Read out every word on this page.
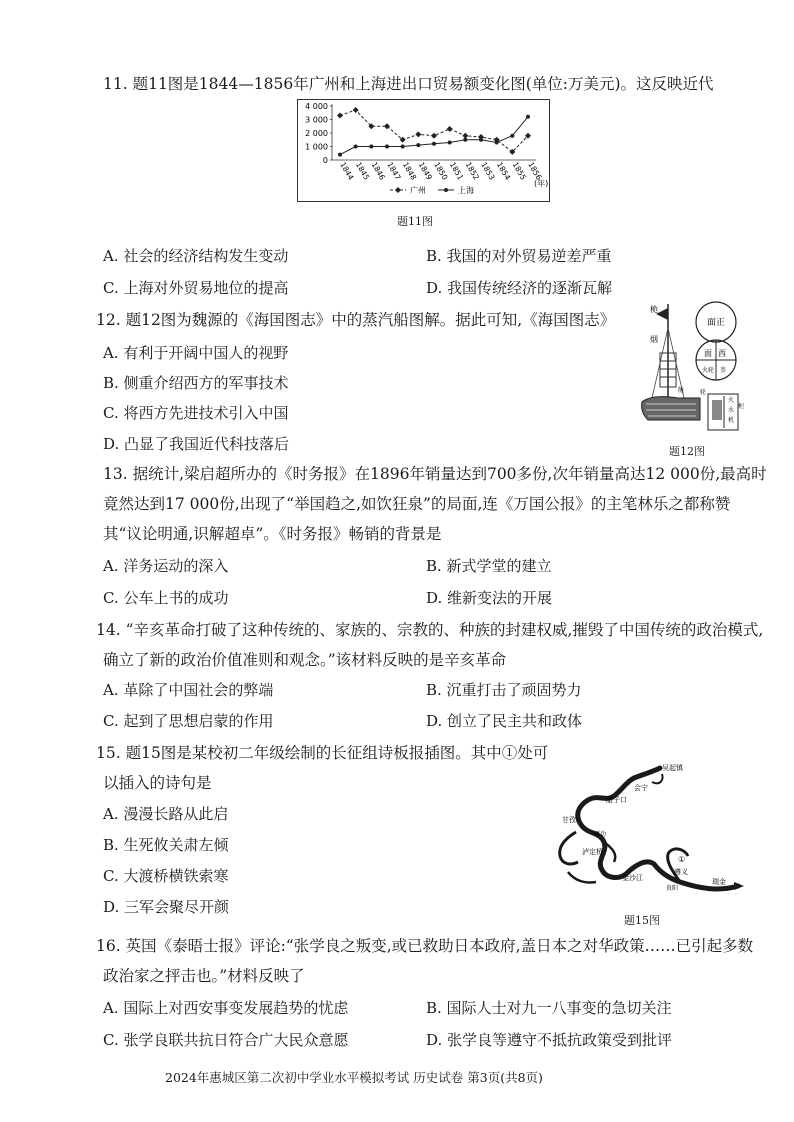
11. 题11图是1844—1856年广州和上海进出口贸易额变化图(单位:万美元)。这反映近代
0
1 000
2 000
3 000
4 000
1844
1845
1846
1847
1848
1849
1850
1851
1852
1853
1854
1855
1856
(年)
广州	上海
题11图
A. 社会的经济结构发生变动	B. 我国的对外贸易逆差严重
C. 上海对外贸易地位的提高	D. 我国传统经济的逐渐瓦解
12. 题12图为魏源的《海国图志》中的蒸汽船图解。据此可知,《海国图志》
A. 有利于开阔中国人的视野
B. 侧重介绍西方的军事技术
C. 将西方先进技术引入中国
D. 凸显了我国近代科技落后
桅
烟
面正
面 西
火轮 釜
舱	轮
火
水
机
柜
题12图
13. 据统计,梁启超所办的《时务报》在1896年销量达到700多份,次年销量高达12 000份,最高时
竟然达到17 000份,出现了“举国趋之,如饮狂泉”的局面,连《万国公报》的主笔林乐之都称赞
其“议论明通,识解超卓”。《时务报》畅销的背景是
A. 洋务运动的深入	B. 新式学堂的建立
C. 公车上书的成功	D. 维新变法的开展
14. “辛亥革命打破了这种传统的、家族的、宗教的、种族的封建权威,摧毁了中国传统的政治模式,
确立了新的政治价值准则和观念。”该材料反映的是辛亥革命
A. 革除了中国社会的弊端	B. 沉重打击了顽固势力
C. 起到了思想启蒙的作用	D. 创立了民主共和政体
15. 题15图是某校初二年级绘制的长征组诗板报插图。其中①处可
以插入的诗句是
A. 漫漫长路从此启
B. 生死攸关肃左倾
C. 大渡桥横铁索寒
D. 三军会聚尽开颜
吴起镇
会宁
腊子口
甘孜
懋功
泸定桥
金沙江
遵义
瑞金
贵阳
①
题15图
16. 英国《泰晤士报》评论:“张学良之叛变,或已救助日本政府,盖日本之对华政策……已引起多数
政治家之抨击也。”材料反映了
A. 国际上对西安事变发展趋势的忧虑	B. 国际人士对九一八事变的急切关注
C. 张学良联共抗日符合广大民众意愿	D. 张学良等遵守不抵抗政策受到批评
2024年惠城区第二次初中学业水平模拟考试 历史试卷 第3页(共8页)
